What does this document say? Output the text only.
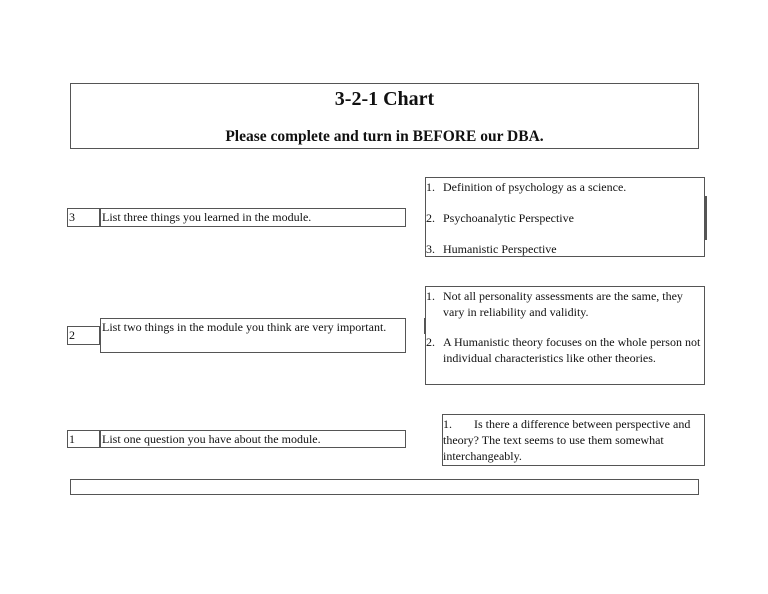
3-2-1 Chart
Please complete and turn in BEFORE our DBA.
3	List three things you learned in the module.
1. Definition of psychology as a science.
2. Psychoanalytic Perspective
3. Humanistic Perspective
2
List two things in the module you think are very important.
1. Not all personality assessments are the same, they vary in reliability and validity.
2. A Humanistic theory focuses on the whole person not individual characteristics like other theories.
1	List one question you have about the module.
1. Is there a difference between perspective and theory? The text seems to use them somewhat interchangeably.
